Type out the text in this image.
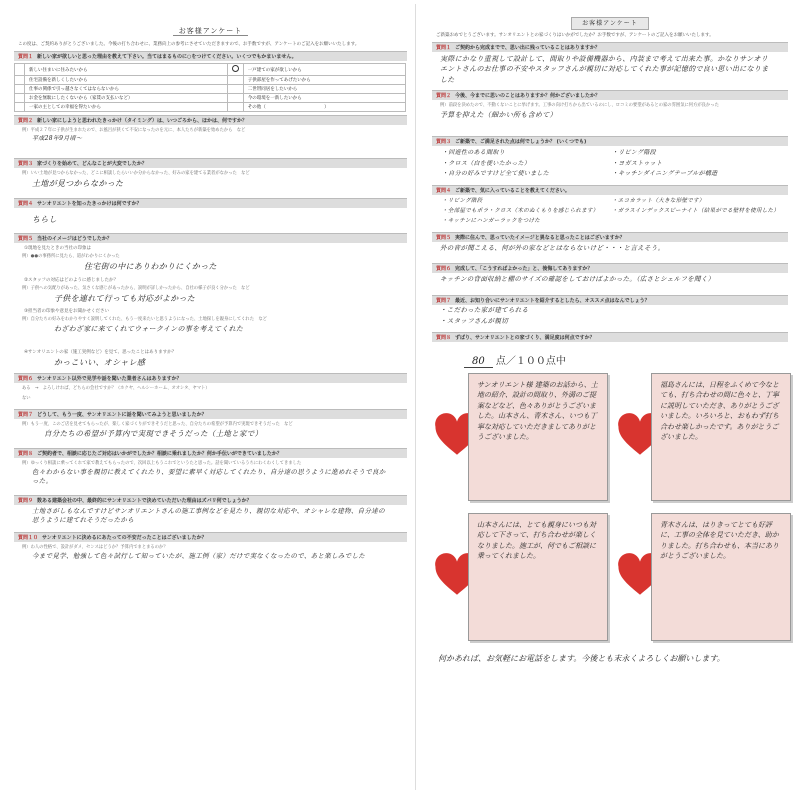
お客様アンケート
この度は、ご契約ありがとうございました。今後の打ち合わせに、業務向上の参考にさせていただきますので、お手数ですが、アンケートのご記入をお願いいたします。
質問１ 新しい家が欲しいと思った理由を教えて下さい。当てはまるものに○をつけてください。いくつでもかまいません。
	新しい住まいに住みたいから		一戸建ての家が欲しいから
	住宅設備を新しくしたいから		子供部屋を作ってあげたいから
	仕事の関係で引っ越さなくてはならないから		二世帯同居をしたいから
	お金を無駄にしたくないから（家賃の支払いなど）		今の環境を一新したいから
	一家の主としての幸福を得たいから		その他（　　　　　　　　　　　　　）
質問２ 新しい家にしようと思われたきっかけ（タイミング）は、いつごろから、ほかは、何ですか？
例）平成２７年に子供が生まれたので、お風呂が狭くて不安になったのを元に、本人たちが新築を始めたから　など
平成28年9月頃〜
質問３ 家づくりを始めて、どんなことが大変でしたか？
例）いい土地が見つからなかった、どこに相談したらいいか分からなかった、好みの家を建てる業者がなかった　など
土地が見つからなかった
質問４ サンオリエントを知ったきっかけは何ですか？
ちらし
質問５ 当社のイメージはどうでしたか？
①現地を見たときの当社の印象は
例）●●の事務所に見たら、道がわかりにくかった
住宅街の中にありわかりにくかった
②スタッフの対応はどのように感じましたか？
例）子供への気配りがあった、気さくな感じがあったから、説明が詳しかったから、自社の様子が良く分かった　など
子供を連れて行っても対応がよかった
③担当者の印象や意見をお聞かせください
例）自分たちの好みをわかりやすく説明してくれた、もう一度来たいと思うようになった、土地探しを親身にしてくれた　など
わざわざ家に来てくれてウォークインの事を考えてくれた
④サンオリエントの家（施工実例など）を見て、思ったことはありますか？
かっこいい、オシャレ感
質問６ サンオリエント以外で見学や話を聞いた業者さんはありますか？
ある　→　よろしければ、どちらの会社ですか？（ホクヤ、ヘルシーホーム、オオシタ、ヤマト）
ない
質問７ どうして、もう一度、サンオリエントに話を聞いてみようと思いましたか？
例）もう一度、このご店を見せてもらったが、楽しく家づくりができそうだと思った、自分たちの希望が予算内で実現できそうだった　など
自分たちの希望が予算内で実現できそうだった（土地と家で）
質問８ ご契約者で、相談に応じたご対応はいかがでしたか？相談に乗れましたか？何か手伝いができていましたか？
例）ゆっくり相談に乗ってくれて家で教えてもらったので、次回以上もうこれでというたと思った。話を聞いているうちにわくわくしてきました
色々わからない事を親切に教えてくれたり、要望に素早く対応してくれたり、自分達の思うように進めれそうで良かった。
質問９ 数ある建築会社の中、最終的にサンオリエントで決めていただいた理由はズバリ何でしょうか？
土地さがしもなんですけどサンオリエントさんの施工事例などを見たり、親切な対応や、オシャレな建物、自分達の思うように建てれそうだったから
質問１０ サンオリエントに決めるにあたっての不安だったことはございましたか？
例）わ人の性格で、設計がダメ、センスはどうか？予算内でまとまるのか？
今まで見学、勉強して色々試行して知っていたが、施工例（家）だけで実なくなったので、あと楽しみでした
お客様アンケート
ご新築おめでとうございます。サンオリエントとの家づくりはいかがでしたか？お手数ですが、アンケートのご記入をお願いいたします。
質問１ ご契約から完成までで、思い出に残っていることはありますか？
実際にかなり重視して設計して、間取りや設備機器から、内装まで考えて出来た事。かなりサンオリエントさんのお仕事の不安やスタッフさんが親切に対応してくれた事が記憶的で良い思い出になりました
質問２ 今後、今までに思いのことはありますか？何かございましたか？
例）前段を決めたので、不動くないことに挙げます。工事の向け打ちから出ているのにし、ロコミの要望があるとの家の雰囲気に何方が良かった
予算を抑えた（細かい所も含めて）
質問３ ご新築で、ご満足された点は何でしょうか？ (いくつでも)
・回遊性のある間取り	・リビング階段
・クロス（白を使いたかった）	・ヨガストゥット
・自分の好みですけど全て使いました	・キッチンダイニングテーブルが構造
質問４ ご新築で、気に入っていることを教えてください。
・リビング階段	・エコカラット（大きな形壁です）
・全部屋でもポラ・クロス（木のぬくもりを感じられます）	・ガラスインデックスピーナイト（結果がでる壁材を使用した）
・キッチンにハンガーラックをつけた
質問５ 実際に住んで、思っていたイメージと異なると思ったことはございますか？
外の音が聞こえる、何が外の家などとはならないけど・・・と言えそう。
質問６ 完成して、「こうすればよかった」と、後悔してありますか？
キッチンの背面収納と棚のサイズの確認をしておけばよかった。（広さとシェルフを聞く）
質問７ 最近、お知り合いにサンオリエントを紹介するとしたら、オススメ点はなんでしょう？
・こだわった家が建てられる
・スタッフさんが親切
質問８ ずばり、サンオリエントとの家づくり、満足度は何点ですか？
80 点／１００点中
サンオリエント様 建築のお話から、土地の紹介、設計の間取り、外溝のご提案などなど、色々ありがとうございました。山本さん、青木さん、いつも丁寧な対応していただきましてありがとうございました。
福島さんには、日程をふくめて今なとても、打ち合わせの間に色々と、丁寧に説明していただき、ありがとうございました。いろいろと、おもわず打ち合わせ楽しかったです。ありがとうございました。
山本さんには、とても親身にいつも対応して下さって、打ち合わせが楽しくなりました。施工が、何でもご相談に乗ってくれました。
青木さんは、はりきってとても好評に、工事の全体を見ていただき、助かりました。打ち合わせも、本当にありがとうございました。
何かあれば、お気軽にお電話をします。今後とも末永くよろしくお願いします。
